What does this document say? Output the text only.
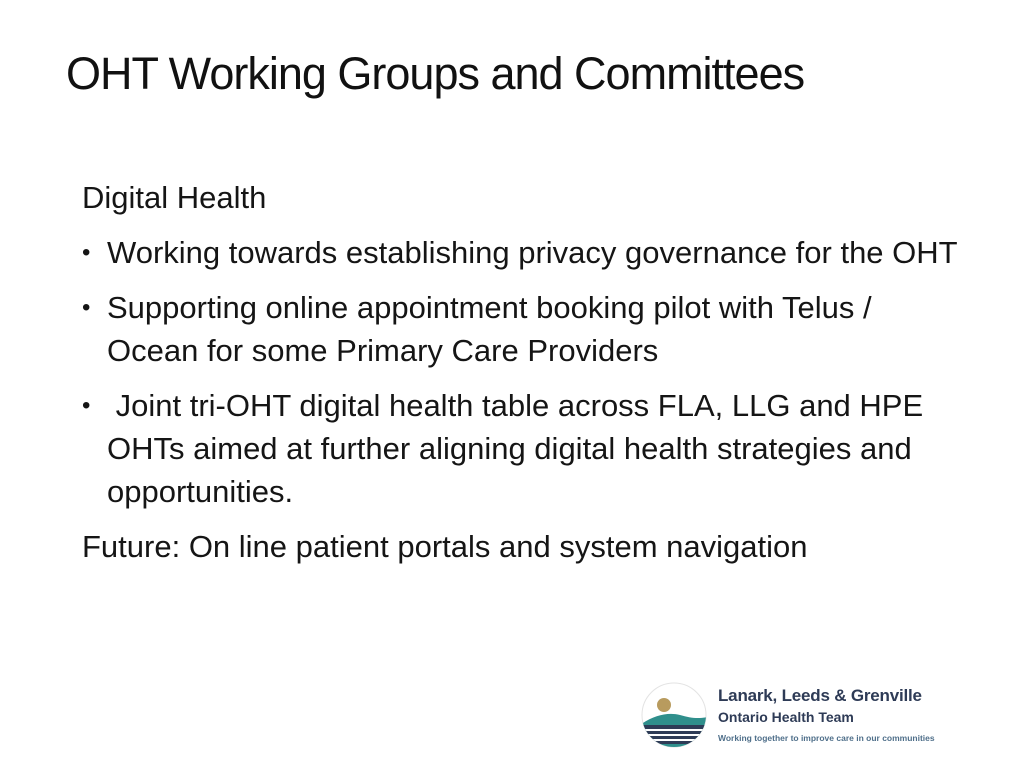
OHT Working Groups and Committees
Digital Health
• Working towards establishing privacy governance for the OHT
• Supporting online appointment booking pilot with Telus / Ocean for some Primary Care Providers
• Joint tri-OHT digital health table across FLA, LLG and HPE OHTs aimed at further aligning digital health strategies and opportunities.
Future: On line patient portals and system navigation
Lanark, Leeds & Grenville
Ontario Health Team
Working together to improve care in our communities
